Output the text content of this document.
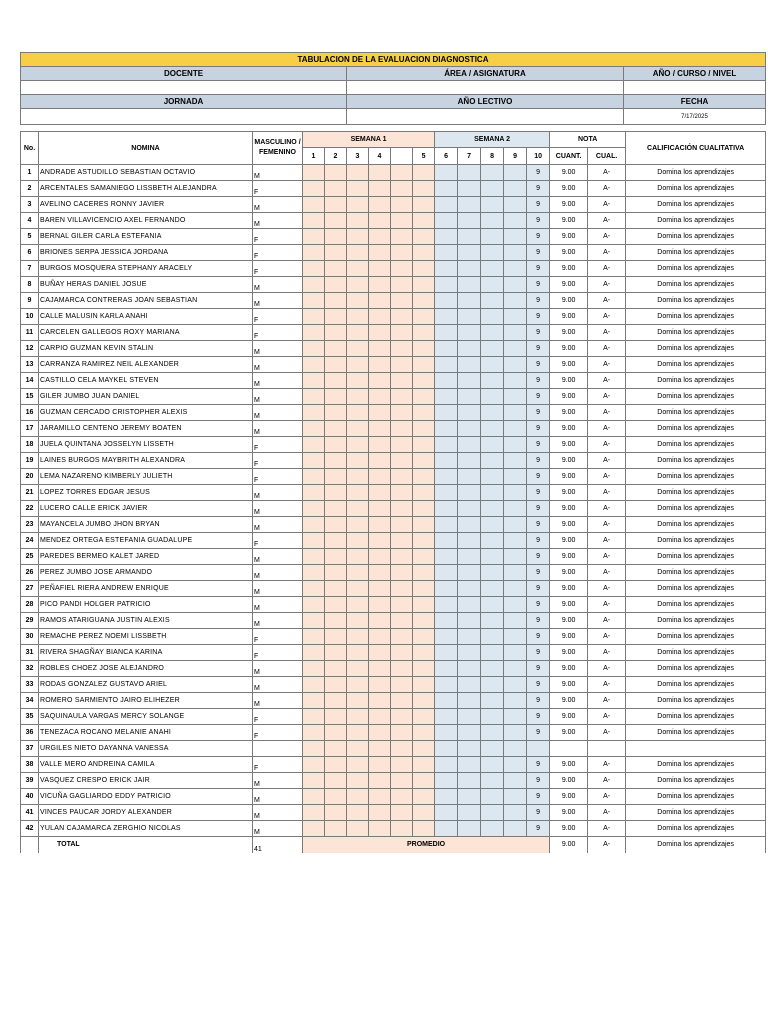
TABULACION DE LA EVALUACION DIAGNOSTICA		
DOCENTE	ÁREA / ASIGNATURA	AÑO / CURSO / NIVEL

JORNADA	AÑO LECTIVO	FECHA
		7/17/2025
No.	NOMINA	MASCULINO / FEMENINO	SEMANA 1						SEMANA 2					NOTA		CALIFICACIÓN CUALITATIVA
			1	2	3	4		5	6	7	8	9	10	CUANT.	CUAL.	
1	ANDRADE ASTUDILLO SEBASTIAN OCTAVIO	M											9	9.00	A-	Domina los aprendizajes
2	ARCENTALES SAMANIEGO LISSBETH ALEJANDRA	F											9	9.00	A-	Domina los aprendizajes
3	AVELINO CACERES RONNY JAVIER	M											9	9.00	A-	Domina los aprendizajes
4	BAREN VILLAVICENCIO AXEL FERNANDO	M											9	9.00	A-	Domina los aprendizajes
5	BERNAL GILER CARLA ESTEFANIA	F											9	9.00	A-	Domina los aprendizajes
6	BRIONES SERPA JESSICA JORDANA	F											9	9.00	A-	Domina los aprendizajes
7	BURGOS MOSQUERA STEPHANY ARACELY	F											9	9.00	A-	Domina los aprendizajes
8	BUÑAY HERAS DANIEL JOSUE	M											9	9.00	A-	Domina los aprendizajes
9	CAJAMARCA CONTRERAS JOAN SEBASTIAN	M											9	9.00	A-	Domina los aprendizajes
10	CALLE MALUSIN KARLA ANAHI	F											9	9.00	A-	Domina los aprendizajes
11	CARCELEN GALLEGOS ROXY MARIANA	F											9	9.00	A-	Domina los aprendizajes
12	CARPIO GUZMAN KEVIN STALIN	M											9	9.00	A-	Domina los aprendizajes
13	CARRANZA RAMIREZ NEIL ALEXANDER	M											9	9.00	A-	Domina los aprendizajes
14	CASTILLO CELA MAYKEL STEVEN	M											9	9.00	A-	Domina los aprendizajes
15	GILER JUMBO JUAN DANIEL	M											9	9.00	A-	Domina los aprendizajes
16	GUZMAN CERCADO CRISTOPHER ALEXIS	M											9	9.00	A-	Domina los aprendizajes
17	JARAMILLO CENTENO JEREMY BOATEN	M											9	9.00	A-	Domina los aprendizajes
18	JUELA QUINTANA JOSSELYN LISSETH	F											9	9.00	A-	Domina los aprendizajes
19	LAINES BURGOS MAYBRITH ALEXANDRA	F											9	9.00	A-	Domina los aprendizajes
20	LEMA NAZARENO KIMBERLY JULIETH	F											9	9.00	A-	Domina los aprendizajes
21	LOPEZ TORRES EDGAR JESUS	M											9	9.00	A-	Domina los aprendizajes
22	LUCERO CALLE ERICK JAVIER	M											9	9.00	A-	Domina los aprendizajes
23	MAYANCELA JUMBO JHON BRYAN	M											9	9.00	A-	Domina los aprendizajes
24	MENDEZ ORTEGA ESTEFANIA GUADALUPE	F											9	9.00	A-	Domina los aprendizajes
25	PAREDES BERMEO KALET JARED	M											9	9.00	A-	Domina los aprendizajes
26	PEREZ JUMBO JOSE ARMANDO	M											9	9.00	A-	Domina los aprendizajes
27	PEÑAFIEL RIERA ANDREW ENRIQUE	M											9	9.00	A-	Domina los aprendizajes
28	PICO PANDI HOLGER PATRICIO	M											9	9.00	A-	Domina los aprendizajes
29	RAMOS ATARIGUANA JUSTIN ALEXIS	M											9	9.00	A-	Domina los aprendizajes
30	REMACHE PEREZ NOEMI LISSBETH	F											9	9.00	A-	Domina los aprendizajes
31	RIVERA SHAGÑAY BIANCA KARINA	F											9	9.00	A-	Domina los aprendizajes
32	ROBLES CHOEZ JOSE ALEJANDRO	M											9	9.00	A-	Domina los aprendizajes
33	RODAS GONZALEZ GUSTAVO ARIEL	M											9	9.00	A-	Domina los aprendizajes
34	ROMERO SARMIENTO JAIRO ELIHEZER	M											9	9.00	A-	Domina los aprendizajes
35	SAQUINAULA VARGAS MERCY SOLANGE	F											9	9.00	A-	Domina los aprendizajes
36	TENEZACA ROCANO MELANIE ANAHI	F											9	9.00	A-	Domina los aprendizajes
37	URGILES NIETO DAYANNA VANESSA															
38	VALLE MERO ANDREINA CAMILA	F											9	9.00	A-	Domina los aprendizajes
39	VASQUEZ CRESPO ERICK JAIR	M											9	9.00	A-	Domina los aprendizajes
40	VICUÑA GAGLIARDO EDDY PATRICIO	M											9	9.00	A-	Domina los aprendizajes
41	VINCES PAUCAR JORDY ALEXANDER	M											9	9.00	A-	Domina los aprendizajes
42	YULAN CAJAMARCA ZERGHIO NICOLAS	M											9	9.00	A-	Domina los aprendizajes
	TOTAL	41	PROMEDIO											9.00	A-	Domina los aprendizajes
